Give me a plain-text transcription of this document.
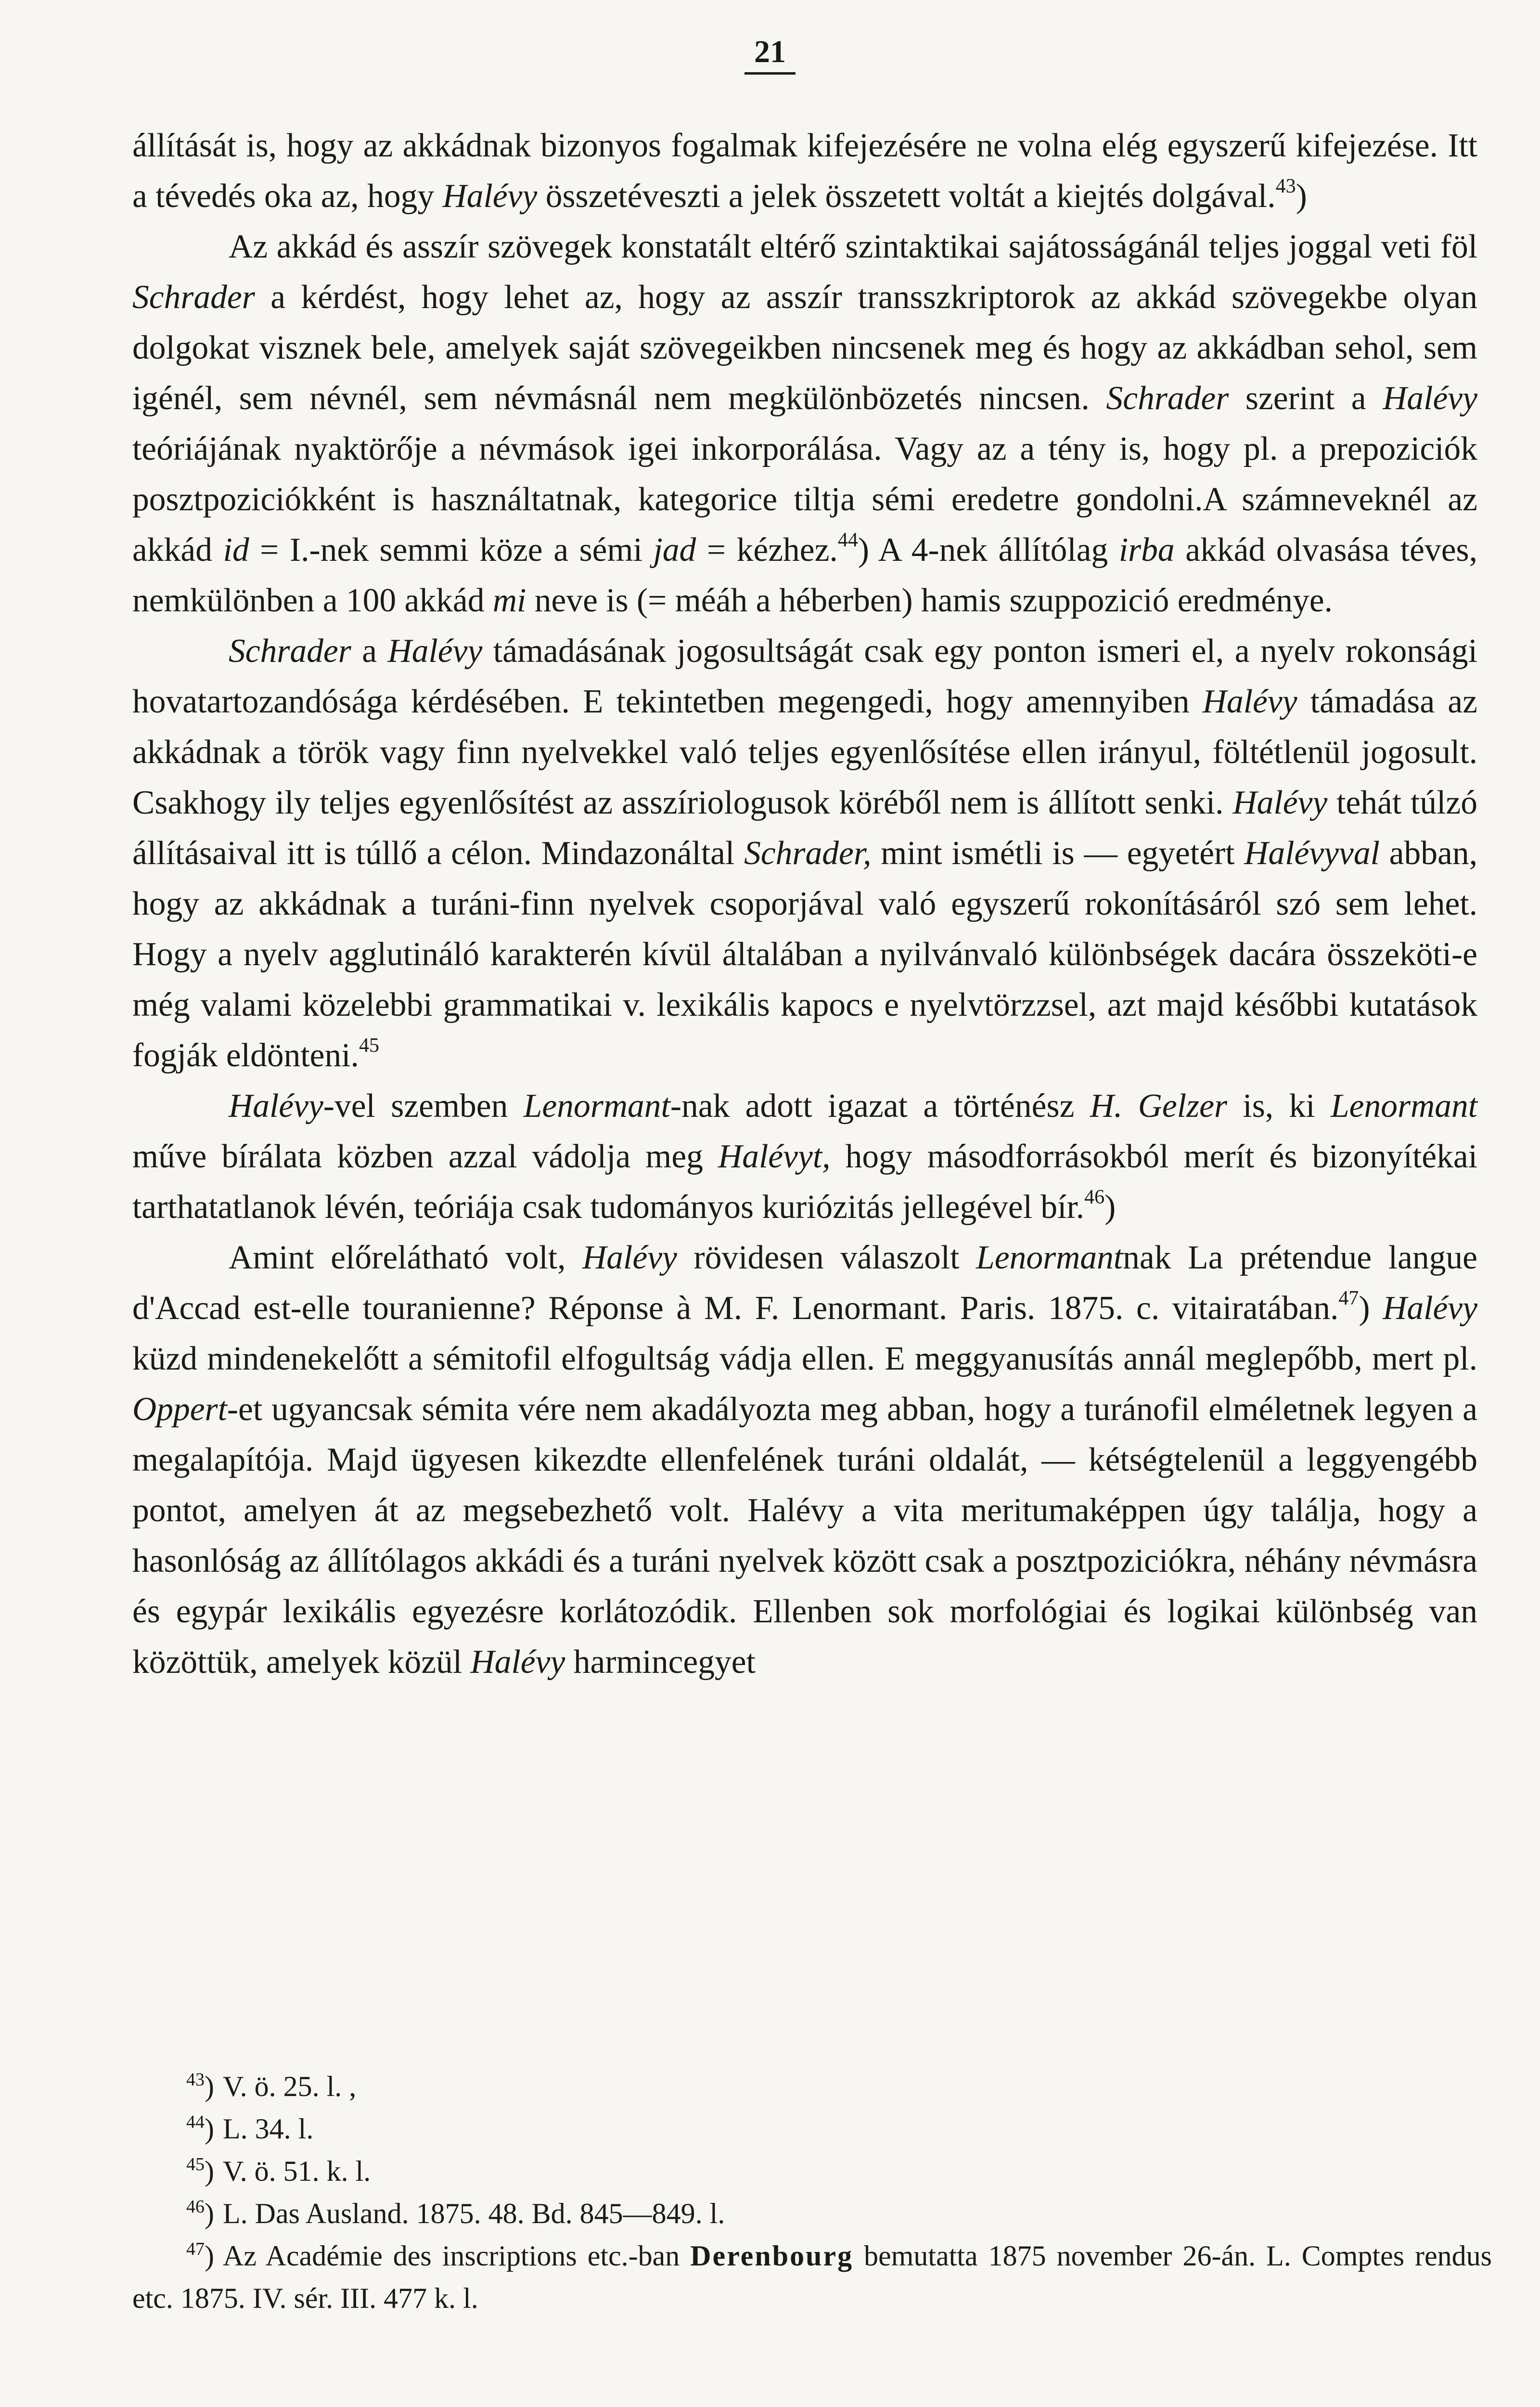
21

állítását is, hogy az akkádnak bizonyos fogalmak kifejezésére ne volna elég egyszerű kifejezése. Itt a tévedés oka az, hogy Halévy összetéveszti a jelek összetett voltát a kiejtés dolgával.$^{43}$)

Az akkád és asszír szövegek konstatált eltérő szintaktikai sajátosságánál teljes joggal veti föl Schrader a kérdést, hogy lehet az, hogy az asszír transszkriptorok az akkád szövegekbe olyan dolgokat visznek bele, amelyek saját szövegeikben nincsenek meg és hogy az akkádban sehol, sem igénél, sem névnél, sem névmásnál nem megkülönbözetés nincsen. Schrader szerint a Halévy teóriájának nyaktörője a névmások igei inkorporálása. Vagy az a tény is, hogy pl. a prepoziciók posztpoziciókként is használtatnak, kategorice tiltja sémi eredetre gondolni.A számneveknél az akkád id = I.-nek semmi köze a sémi jad = kézhez.$^{44}$) A 4-nek állítólag irba akkád olvasása téves, nemkülönben a 100 akkád mi neve is (= méáh a héberben) hamis szuppozició eredménye.

Schrader a Halévy támadásának jogosultságát csak egy ponton ismeri el, a nyelv rokonsági hovatartozandósága kérdésében. E tekintetben megengedi, hogy amennyiben Halévy támadása az akkádnak a török vagy finn nyelvekkel való teljes egyenlősítése ellen irányul, föltétlenül jogosult. Csakhogy ily teljes egyenlősítést az asszíriologusok köréből nem is állított senki. Halévy tehát túlzó állításaival itt is túllő a célon. Mindazonáltal Schrader, mint ismétli is — egyetért Halévyval abban, hogy az akkádnak a turáni-finn nyelvek csoporjával való egyszerű rokonításáról szó sem lehet. Hogy a nyelv agglutináló karakterén kívül általában a nyilvánvaló különbségek dacára összeköti-e még valami közelebbi grammatikai v. lexikális kapocs e nyelvtörzzsel, azt majd későbbi kutatások fogják eldönteni.$^{45}$

Halévy-vel szemben Lenormant-nak adott igazat a történész H. Gelzer is, ki Lenormant műve bírálata közben azzal vádolja meg Halévyt, hogy másodforrásokból merít és bizonyítékai tarthatatlanok lévén, teóriája csak tudományos kuriózitás jellegével bír.$^{46}$)

Amint előrelátható volt, Halévy rövidesen válaszolt Lenormantnak La prétendue langue d'Accad est-elle touranienne? Réponse à M. F. Lenormant. Paris. 1875. c. vitairatában.$^{47}$) Halévy küzd mindenekelőtt a sémitofil elfogultság vádja ellen. E meggyanusítás annál meglepőbb, mert pl. Oppert-et ugyancsak sémita vére nem akadályozta meg abban, hogy a turánofil elméletnek legyen a megalapítója. Majd ügyesen kikezdte ellenfelének turáni oldalát, — kétségtelenül a leggyengébb pontot, amelyen át az megsebezhető volt. Halévy a vita meritumaképpen úgy találja, hogy a hasonlóság az állítólagos akkádi és a turáni nyelvek között csak a posztpoziciókra, néhány névmásra és egypár lexikális egyezésre korlátozódik. Ellenben sok morfológiai és logikai különbség van közöttük, amelyek közül Halévy harmincegyet

$^{43}$) V. ö. 25. l. ,

$^{44}$) L. 34. l.

$^{45}$) V. ö. 51. k. l.

$^{46}$) L. Das Ausland. 1875. 48. Bd. 845—849. l.

$^{47}$) Az Académie des inscriptions etc.-ban Derenbourg bemutatta 1875 november 26-án. L. Comptes rendus etc. 1875. IV. sér. III. 477 k. l.
